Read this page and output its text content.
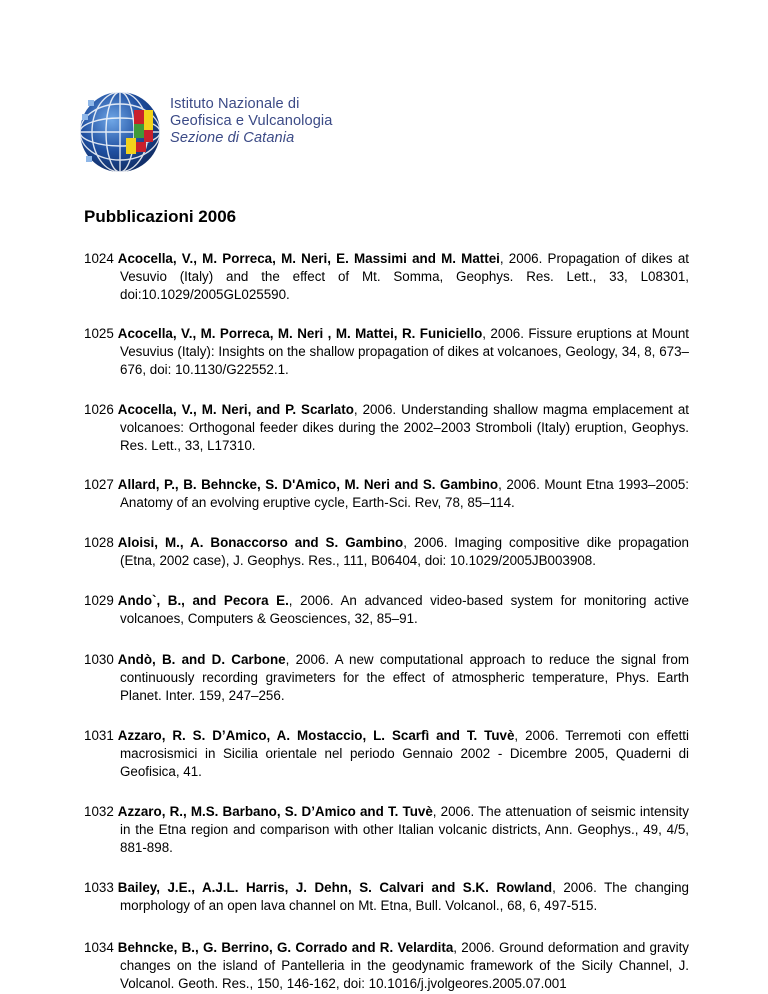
Istituto Nazionale di
Geofisica e Vulcanologia
Sezione di Catania
Pubblicazioni 2006

1024 Acocella, V., M. Porreca, M. Neri, E. Massimi and M. Mattei, 2006. Propagation of dikes at Vesuvio (Italy) and the effect of Mt. Somma, Geophys. Res. Lett., 33, L08301, doi:10.1029/2005GL025590.

1025 Acocella, V., M. Porreca, M. Neri , M. Mattei, R. Funiciello, 2006. Fissure eruptions at Mount Vesuvius (Italy): Insights on the shallow propagation of dikes at volcanoes, Geology, 34, 8, 673–676, doi: 10.1130/G22552.1.

1026 Acocella, V., M. Neri, and P. Scarlato, 2006. Understanding shallow magma emplacement at volcanoes: Orthogonal feeder dikes during the 2002–2003 Stromboli (Italy) eruption, Geophys. Res. Lett., 33, L17310.

1027 Allard, P., B. Behncke, S. D'Amico, M. Neri and S. Gambino, 2006. Mount Etna 1993–2005: Anatomy of an evolving eruptive cycle, Earth-Sci. Rev, 78, 85–114.

1028 Aloisi, M., A. Bonaccorso and S. Gambino, 2006. Imaging compositive dike propagation (Etna, 2002 case), J. Geophys. Res., 111, B06404, doi: 10.1029/2005JB003908.

1029 Ando`, B., and Pecora E., 2006. An advanced video-based system for monitoring active volcanoes, Computers & Geosciences, 32, 85–91.

1030 Andò, B. and D. Carbone, 2006. A new computational approach to reduce the signal from continuously recording gravimeters for the effect of atmospheric temperature, Phys. Earth Planet. Inter. 159, 247–256.

1031 Azzaro, R. S. D’Amico, A. Mostaccio, L. Scarfì and T. Tuvè, 2006. Terremoti con effetti macrosismici in Sicilia orientale nel periodo Gennaio 2002 - Dicembre 2005, Quaderni di Geofisica, 41.

1032 Azzaro, R., M.S. Barbano, S. D’Amico and T. Tuvè, 2006. The attenuation of seismic intensity in the Etna region and comparison with other Italian volcanic districts, Ann. Geophys., 49, 4/5, 881-898.

1033 Bailey, J.E., A.J.L. Harris, J. Dehn, S. Calvari and S.K. Rowland, 2006. The changing morphology of an open lava channel on Mt. Etna, Bull. Volcanol., 68, 6, 497-515.

1034 Behncke, B., G. Berrino, G. Corrado and R. Velardita, 2006. Ground deformation and gravity changes on the island of Pantelleria in the geodynamic framework of the Sicily Channel, J. Volcanol. Geoth. Res., 150, 146-162, doi: 10.1016/j.jvolgeores.2005.07.001
